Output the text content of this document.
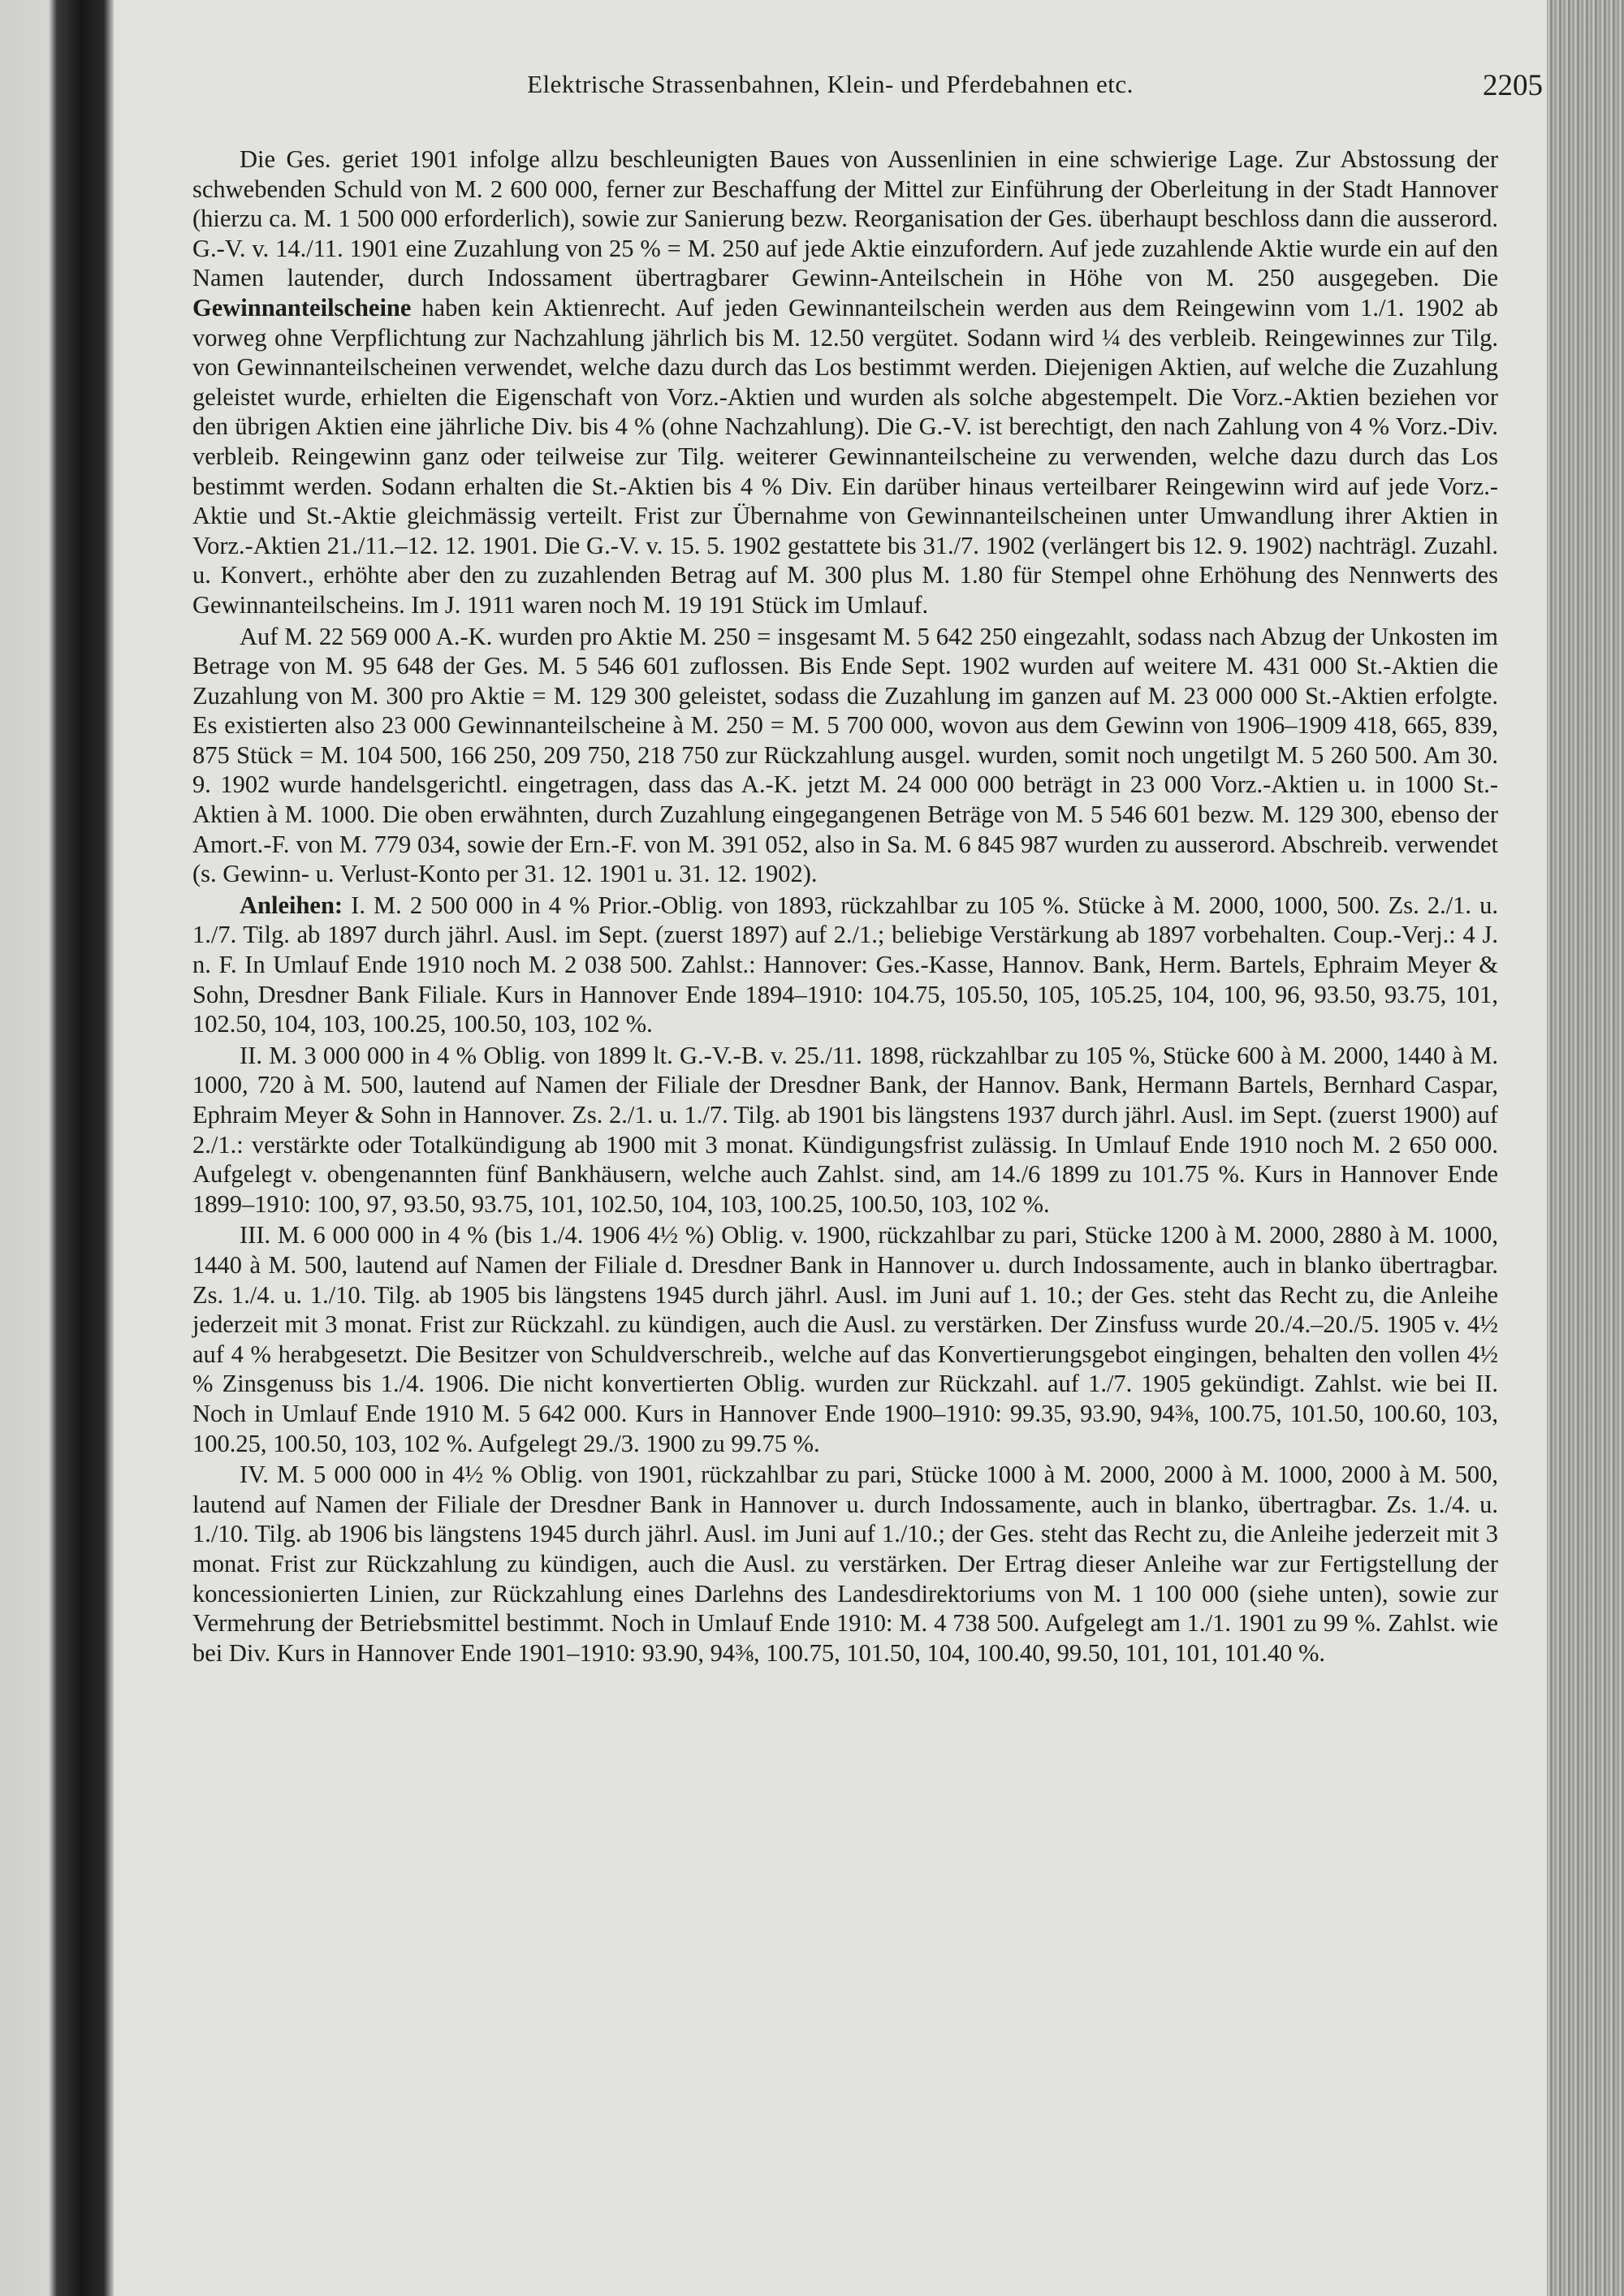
Elektrische Strassenbahnen, Klein- und Pferdebahnen etc.	2205

Die Ges. geriet 1901 infolge allzu beschleunigten Baues von Aussenlinien in eine schwierige Lage. Zur Abstossung der schwebenden Schuld von M. 2 600 000, ferner zur Beschaffung der Mittel zur Einführung der Oberleitung in der Stadt Hannover (hierzu ca. M. 1 500 000 erforderlich), sowie zur Sanierung bezw. Reorganisation der Ges. überhaupt beschloss dann die ausserord. G.-V. v. 14./11. 1901 eine Zuzahlung von 25 % = M. 250 auf jede Aktie einzufordern. Auf jede zuzahlende Aktie wurde ein auf den Namen lautender, durch Indossament übertragbarer Gewinn-Anteilschein in Höhe von M. 250 ausgegeben. Die Gewinnanteilscheine haben kein Aktienrecht. Auf jeden Gewinnanteilschein werden aus dem Reingewinn vom 1./1. 1902 ab vorweg ohne Verpflichtung zur Nachzahlung jährlich bis M. 12.50 vergütet. Sodann wird ¼ des verbleib. Reingewinnes zur Tilg. von Gewinnanteilscheinen verwendet, welche dazu durch das Los bestimmt werden. Diejenigen Aktien, auf welche die Zuzahlung geleistet wurde, erhielten die Eigenschaft von Vorz.-Aktien und wurden als solche abgestempelt. Die Vorz.-Aktien beziehen vor den übrigen Aktien eine jährliche Div. bis 4 % (ohne Nachzahlung). Die G.-V. ist berechtigt, den nach Zahlung von 4 % Vorz.-Div. verbleib. Reingewinn ganz oder teilweise zur Tilg. weiterer Gewinnanteilscheine zu verwenden, welche dazu durch das Los bestimmt werden. Sodann erhalten die St.-Aktien bis 4 % Div. Ein darüber hinaus verteilbarer Reingewinn wird auf jede Vorz.-Aktie und St.-Aktie gleichmässig verteilt. Frist zur Übernahme von Gewinnanteilscheinen unter Umwandlung ihrer Aktien in Vorz.-Aktien 21./11.–12. 12. 1901. Die G.-V. v. 15. 5. 1902 gestattete bis 31./7. 1902 (verlängert bis 12. 9. 1902) nachträgl. Zuzahl. u. Konvert., erhöhte aber den zu zuzahlenden Betrag auf M. 300 plus M. 1.80 für Stempel ohne Erhöhung des Nennwerts des Gewinnanteilscheins. Im J. 1911 waren noch M. 19 191 Stück im Umlauf.

Auf M. 22 569 000 A.-K. wurden pro Aktie M. 250 = insgesamt M. 5 642 250 eingezahlt, sodass nach Abzug der Unkosten im Betrage von M. 95 648 der Ges. M. 5 546 601 zuflossen. Bis Ende Sept. 1902 wurden auf weitere M. 431 000 St.-Aktien die Zuzahlung von M. 300 pro Aktie = M. 129 300 geleistet, sodass die Zuzahlung im ganzen auf M. 23 000 000 St.-Aktien erfolgte. Es existierten also 23 000 Gewinnanteilscheine à M. 250 = M. 5 700 000, wovon aus dem Gewinn von 1906–1909 418, 665, 839, 875 Stück = M. 104 500, 166 250, 209 750, 218 750 zur Rückzahlung ausgel. wurden, somit noch ungetilgt M. 5 260 500. Am 30. 9. 1902 wurde handelsgerichtl. eingetragen, dass das A.-K. jetzt M. 24 000 000 beträgt in 23 000 Vorz.-Aktien u. in 1000 St.-Aktien à M. 1000. Die oben erwähnten, durch Zuzahlung eingegangenen Beträge von M. 5 546 601 bezw. M. 129 300, ebenso der Amort.-F. von M. 779 034, sowie der Ern.-F. von M. 391 052, also in Sa. M. 6 845 987 wurden zu ausserord. Abschreib. verwendet (s. Gewinn- u. Verlust-Konto per 31. 12. 1901 u. 31. 12. 1902).

Anleihen: I. M. 2 500 000 in 4 % Prior.-Oblig. von 1893, rückzahlbar zu 105 %. Stücke à M. 2000, 1000, 500. Zs. 2./1. u. 1./7. Tilg. ab 1897 durch jährl. Ausl. im Sept. (zuerst 1897) auf 2./1.; beliebige Verstärkung ab 1897 vorbehalten. Coup.-Verj.: 4 J. n. F. In Umlauf Ende 1910 noch M. 2 038 500. Zahlst.: Hannover: Ges.-Kasse, Hannov. Bank, Herm. Bartels, Ephraim Meyer & Sohn, Dresdner Bank Filiale. Kurs in Hannover Ende 1894–1910: 104.75, 105.50, 105, 105.25, 104, 100, 96, 93.50, 93.75, 101, 102.50, 104, 103, 100.25, 100.50, 103, 102 %.

II. M. 3 000 000 in 4 % Oblig. von 1899 lt. G.-V.-B. v. 25./11. 1898, rückzahlbar zu 105 %, Stücke 600 à M. 2000, 1440 à M. 1000, 720 à M. 500, lautend auf Namen der Filiale der Dresdner Bank, der Hannov. Bank, Hermann Bartels, Bernhard Caspar, Ephraim Meyer & Sohn in Hannover. Zs. 2./1. u. 1./7. Tilg. ab 1901 bis längstens 1937 durch jährl. Ausl. im Sept. (zuerst 1900) auf 2./1.: verstärkte oder Totalkündigung ab 1900 mit 3 monat. Kündigungsfrist zulässig. In Umlauf Ende 1910 noch M. 2 650 000. Aufgelegt v. obengenannten fünf Bankhäusern, welche auch Zahlst. sind, am 14./6 1899 zu 101.75 %. Kurs in Hannover Ende 1899–1910: 100, 97, 93.50, 93.75, 101, 102.50, 104, 103, 100.25, 100.50, 103, 102 %.

III. M. 6 000 000 in 4 % (bis 1./4. 1906 4½ %) Oblig. v. 1900, rückzahlbar zu pari, Stücke 1200 à M. 2000, 2880 à M. 1000, 1440 à M. 500, lautend auf Namen der Filiale d. Dresdner Bank in Hannover u. durch Indossamente, auch in blanko übertragbar. Zs. 1./4. u. 1./10. Tilg. ab 1905 bis längstens 1945 durch jährl. Ausl. im Juni auf 1. 10.; der Ges. steht das Recht zu, die Anleihe jederzeit mit 3 monat. Frist zur Rückzahl. zu kündigen, auch die Ausl. zu verstärken. Der Zinsfuss wurde 20./4.–20./5. 1905 v. 4½ auf 4 % herabgesetzt. Die Besitzer von Schuldverschreib., welche auf das Konvertierungsgebot eingingen, behalten den vollen 4½ % Zinsgenuss bis 1./4. 1906. Die nicht konvertierten Oblig. wurden zur Rückzahl. auf 1./7. 1905 gekündigt. Zahlst. wie bei II. Noch in Umlauf Ende 1910 M. 5 642 000. Kurs in Hannover Ende 1900–1910: 99.35, 93.90, 94⅜, 100.75, 101.50, 100.60, 103, 100.25, 100.50, 103, 102 %. Aufgelegt 29./3. 1900 zu 99.75 %.

IV. M. 5 000 000 in 4½ % Oblig. von 1901, rückzahlbar zu pari, Stücke 1000 à M. 2000, 2000 à M. 1000, 2000 à M. 500, lautend auf Namen der Filiale der Dresdner Bank in Hannover u. durch Indossamente, auch in blanko, übertragbar. Zs. 1./4. u. 1./10. Tilg. ab 1906 bis längstens 1945 durch jährl. Ausl. im Juni auf 1./10.; der Ges. steht das Recht zu, die Anleihe jederzeit mit 3 monat. Frist zur Rückzahlung zu kündigen, auch die Ausl. zu verstärken. Der Ertrag dieser Anleihe war zur Fertigstellung der koncessionierten Linien, zur Rückzahlung eines Darlehns des Landesdirektoriums von M. 1 100 000 (siehe unten), sowie zur Vermehrung der Betriebsmittel bestimmt. Noch in Umlauf Ende 1910: M. 4 738 500. Aufgelegt am 1./1. 1901 zu 99 %. Zahlst. wie bei Div. Kurs in Hannover Ende 1901–1910: 93.90, 94⅜, 100.75, 101.50, 104, 100.40, 99.50, 101, 101, 101.40 %.
